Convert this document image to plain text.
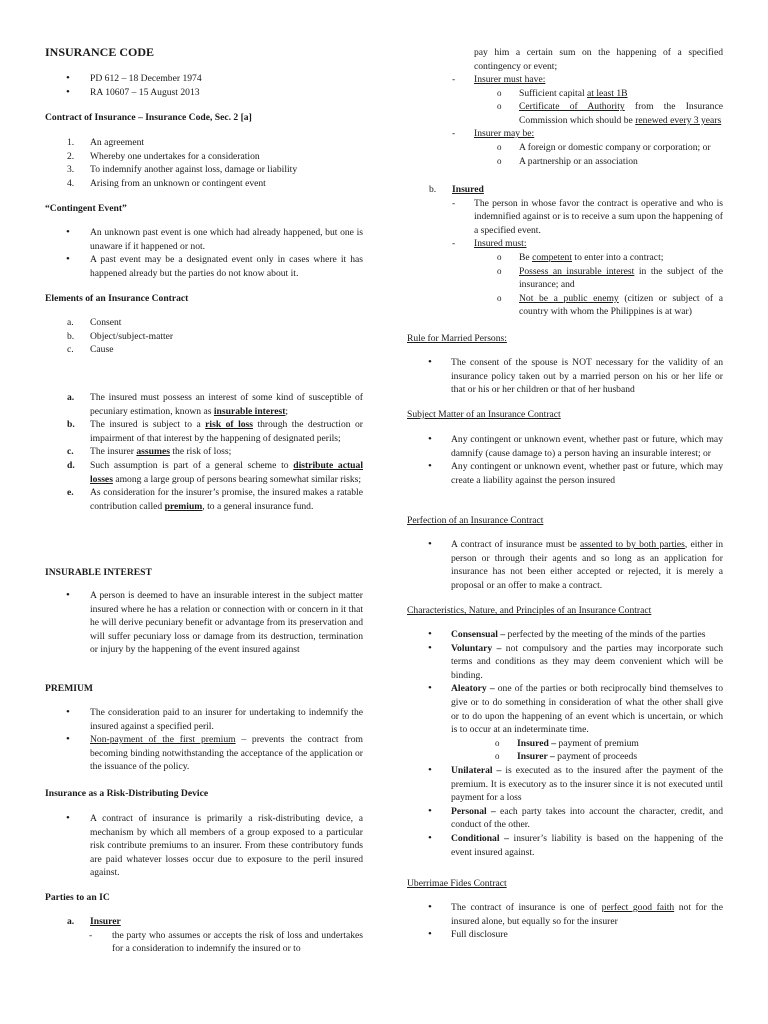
INSURANCE CODE
•
PD 612 – 18 December 1974
•
RA 10607 – 15 August 2013
Contract of Insurance – Insurance Code, Sec. 2 [a]
1. An agreement
2. Whereby one undertakes for a consideration
3. To indemnify another against loss, damage or liability
4. Arising from an unknown or contingent event
“Contingent Event”
•
An unknown past event is one which had already happened, but one is unaware if it happened or not.
•
A past event may be a designated event only in cases where it has happened already but the parties do not know about it.
Elements of an Insurance Contract
a. Consent
b. Object/subject-matter
c. Cause
a. The insured must possess an interest of some kind of susceptible of pecuniary estimation, known as insurable interest;
b. The insured is subject to a risk of loss through the destruction or impairment of that interest by the happening of designated perils;
c. The insurer assumes the risk of loss;
d. Such assumption is part of a general scheme to distribute actual losses among a large group of persons bearing somewhat similar risks;
e. As consideration for the insurer’s promise, the insured makes a ratable contribution called premium, to a general insurance fund.
INSURABLE INTEREST
•
A person is deemed to have an insurable interest in the subject matter insured where he has a relation or connection with or concern in it that he will derive pecuniary benefit or advantage from its preservation and will suffer pecuniary loss or damage from its destruction, termination or injury by the happening of the event insured against
PREMIUM
•
The consideration paid to an insurer for undertaking to indemnify the insured against a specified peril.
•
Non-payment of the first premium – prevents the contract from becoming binding notwithstanding the acceptance of the application or the issuance of the policy.
Insurance as a Risk-Distributing Device
•
A contract of insurance is primarily a risk-distributing device, a mechanism by which all members of a group exposed to a particular risk contribute premiums to an insurer. From these contributory funds are paid whatever losses occur due to exposure to the peril insured against.
Parties to an IC
a. Insurer
- the party who assumes or accepts the risk of loss and undertakes for a consideration to indemnify the insured or to
pay him a certain sum on the happening of a specified contingency or event;
- Insurer must have:
o Sufficient capital at least 1B
o Certificate of Authority from the Insurance Commission which should be renewed every 3 years
- Insurer may be:
o A foreign or domestic company or corporation; or
o A partnership or an association
b. Insured
- The person in whose favor the contract is operative and who is indemnified against or is to receive a sum upon the happening of a specified event.
- Insured must:
o Be competent to enter into a contract;
o Possess an insurable interest in the subject of the insurance; and
o Not be a public enemy (citizen or subject of a country with whom the Philippines is at war)
Rule for Married Persons:
•
The consent of the spouse is NOT necessary for the validity of an insurance policy taken out by a married person on his or her life or that or his or her children or that of her husband
Subject Matter of an Insurance Contract
•
Any contingent or unknown event, whether past or future, which may damnify (cause damage to) a person having an insurable interest; or
•
Any contingent or unknown event, whether past or future, which may create a liability against the person insured
Perfection of an Insurance Contract
•
A contract of insurance must be assented to by both parties, either in person or through their agents and so long as an application for insurance has not been either accepted or rejected, it is merely a proposal or an offer to make a contract.
Characteristics, Nature, and Principles of an Insurance Contract
•
Consensual – perfected by the meeting of the minds of the parties
•
Voluntary – not compulsory and the parties may incorporate such terms and conditions as they may deem convenient which will be binding.
•
Aleatory – one of the parties or both reciprocally bind themselves to give or to do something in consideration of what the other shall give or to do upon the happening of an event which is uncertain, or which is to occur at an indeterminate time.
o Insured – payment of premium
o Insurer – payment of proceeds
•
Unilateral – is executed as to the insured after the payment of the premium. It is executory as to the insurer since it is not executed until payment for a loss
•
Personal – each party takes into account the character, credit, and conduct of the other.
•
Conditional – insurer’s liability is based on the happening of the event insured against.
Uberrimae Fides Contract
•
The contract of insurance is one of perfect good faith not for the insured alone, but equally so for the insurer
•
Full disclosure
